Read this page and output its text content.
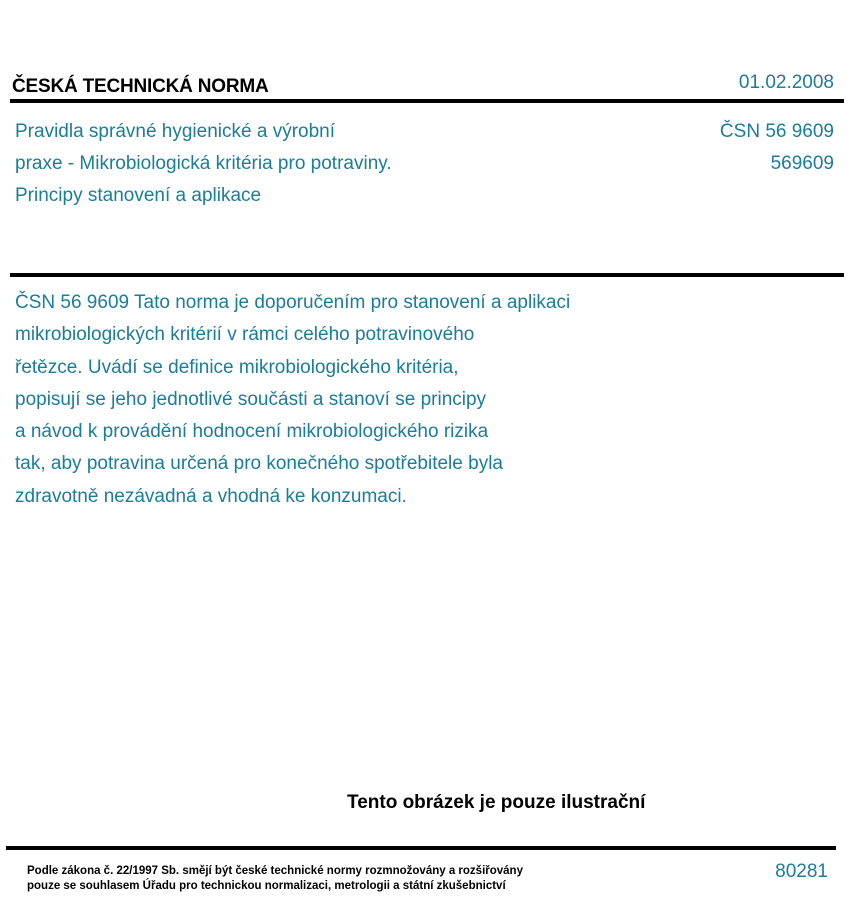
ČESKÁ TECHNICKÁ NORMA	01.02.2008
Pravidla správné hygienické a výrobní
praxe - Mikrobiologická kritéria pro potraviny.
Principy stanovení a aplikace
ČSN 56 9609
569609
ČSN 56 9609 Tato norma je doporučením pro stanovení a aplikaci
mikrobiologických kritérií v rámci celého potravinového
řetězce. Uvádí se definice mikrobiologického kritéria,
popisují se jeho jednotlivé součásti a stanoví se principy
a návod k provádění hodnocení mikrobiologického rizika
tak, aby potravina určená pro konečného spotřebitele byla
zdravotně nezávadná a vhodná ke konzumaci.
Tento obrázek je pouze ilustrační
Podle zákona č. 22/1997 Sb. smějí být české technické normy rozmnožovány a rozšiřovány
pouze se souhlasem Úřadu pro technickou normalizaci, metrologii a státní zkušebnictví
80281
